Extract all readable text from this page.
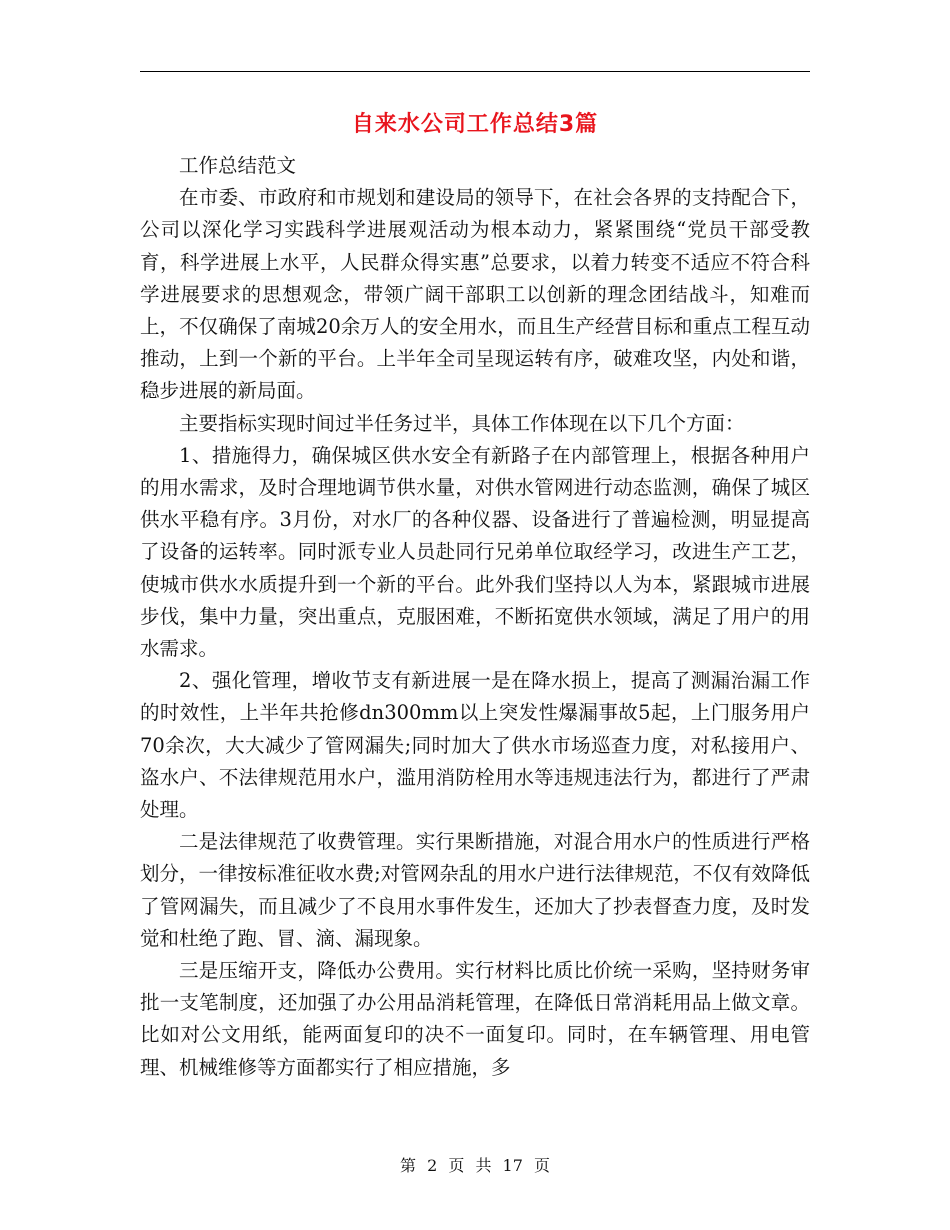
自来水公司工作总结3篇

工作总结范文

在市委、市政府和市规划和建设局的领导下，在社会各界的支持配合下，公司以深化学习实践科学进展观活动为根本动力，紧紧围绕“党员干部受教育，科学进展上水平，人民群众得实惠”总要求，以着力转变不适应不符合科学进展要求的思想观念，带领广阔干部职工以创新的理念团结战斗，知难而上，不仅确保了南城20余万人的安全用水，而且生产经营目标和重点工程互动推动，上到一个新的平台。上半年全司呈现运转有序，破难攻坚，内处和谐，稳步进展的新局面。

主要指标实现时间过半任务过半，具体工作体现在以下几个方面：

1、措施得力，确保城区供水安全有新路子在内部管理上，根据各种用户的用水需求，及时合理地调节供水量，对供水管网进行动态监测，确保了城区供水平稳有序。3月份，对水厂的各种仪器、设备进行了普遍检测，明显提高了设备的运转率。同时派专业人员赴同行兄弟单位取经学习，改进生产工艺，使城市供水水质提升到一个新的平台。此外我们坚持以人为本，紧跟城市进展步伐，集中力量，突出重点，克服困难，不断拓宽供水领域，满足了用户的用水需求。

2、强化管理，增收节支有新进展一是在降水损上，提高了测漏治漏工作的时效性，上半年共抢修dn300mm以上突发性爆漏事故5起，上门服务用户70余次，大大减少了管网漏失;同时加大了供水市场巡查力度，对私接用户、盗水户、不法律规范用水户，滥用消防栓用水等违规违法行为，都进行了严肃处理。

二是法律规范了收费管理。实行果断措施，对混合用水户的性质进行严格划分，一律按标准征收水费;对管网杂乱的用水户进行法律规范，不仅有效降低了管网漏失，而且减少了不良用水事件发生，还加大了抄表督查力度，及时发觉和杜绝了跑、冒、滴、漏现象。

三是压缩开支，降低办公费用。实行材料比质比价统一采购，坚持财务审批一支笔制度，还加强了办公用品消耗管理，在降低日常消耗用品上做文章。比如对公文用纸，能两面复印的决不一面复印。同时，在车辆管理、用电管理、机械维修等方面都实行了相应措施，多

第 2 页 共 17 页
